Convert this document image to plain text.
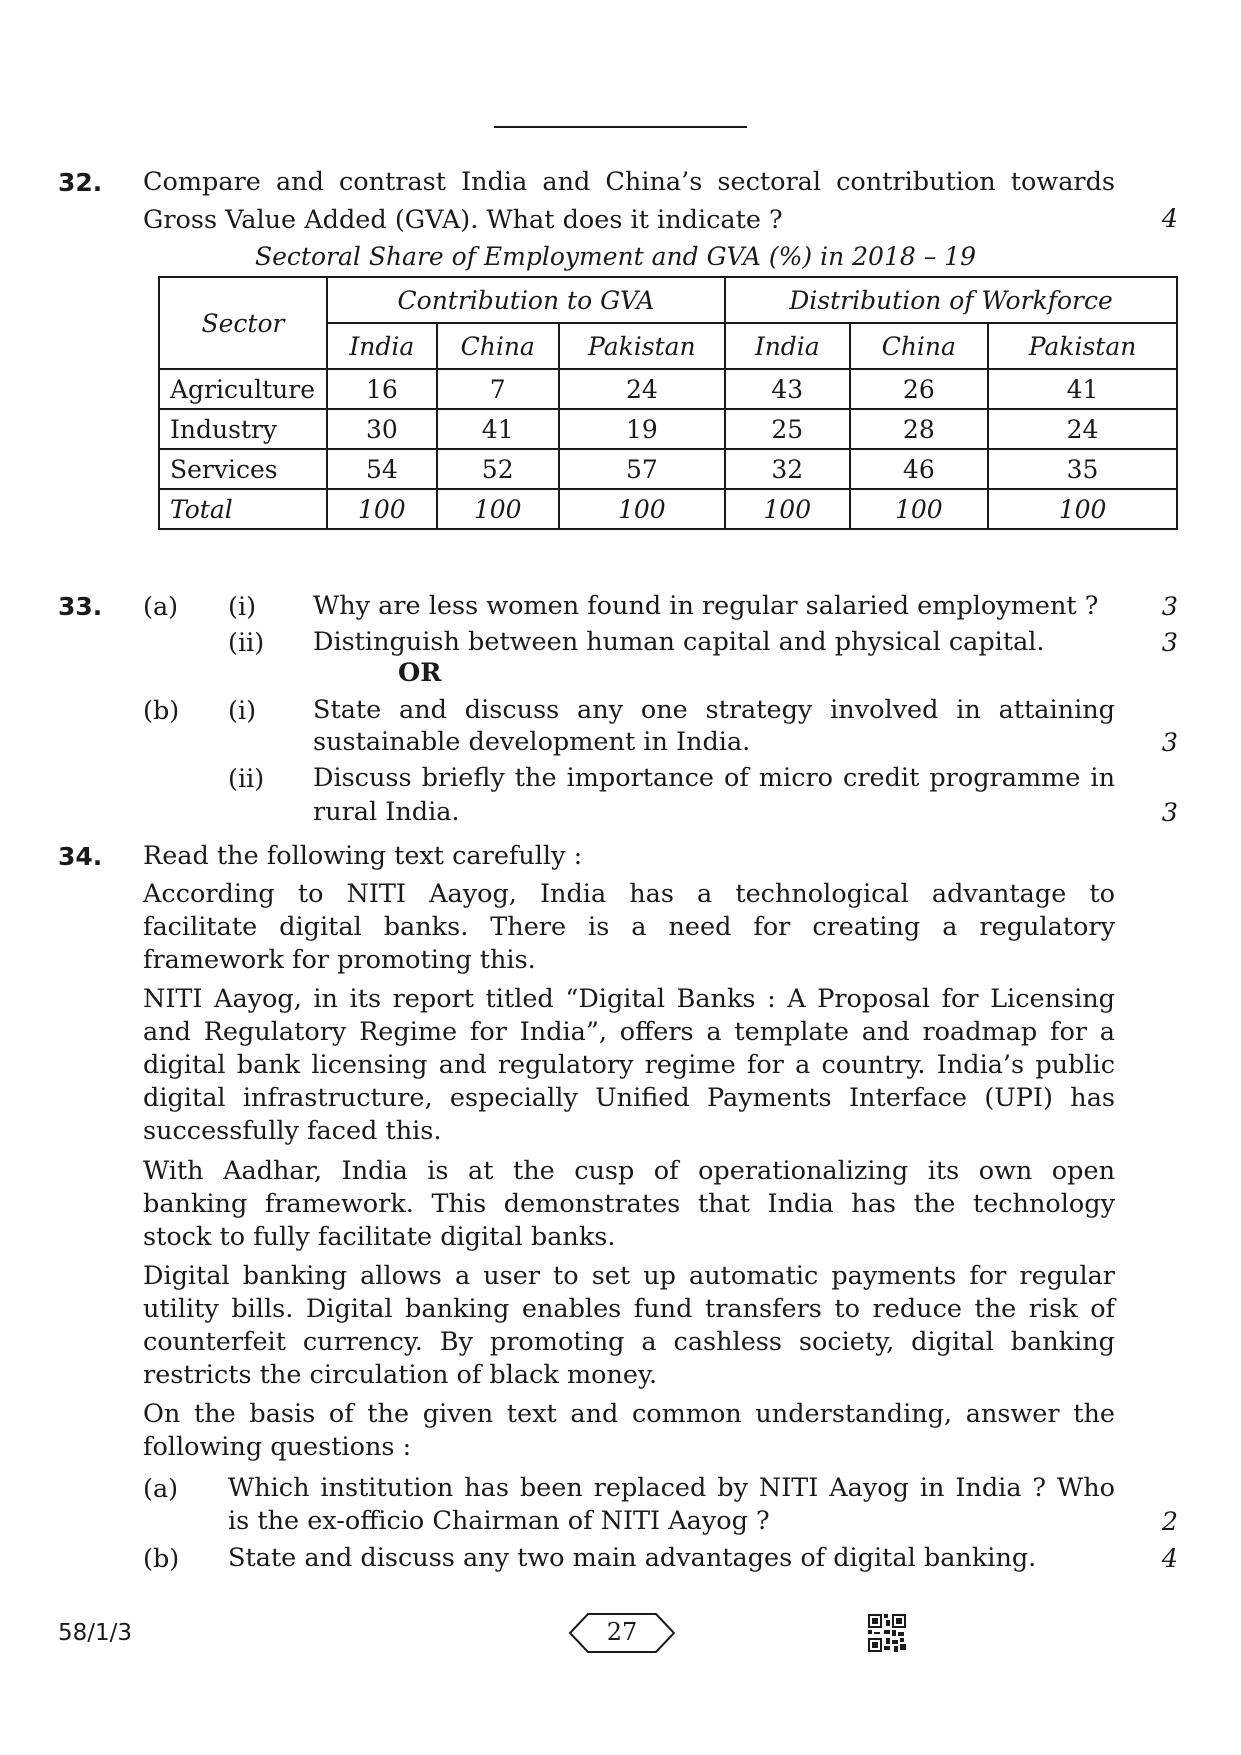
32. Compare and contrast India and China’s sectoral contribution towards
Gross Value Added (GVA). What does it indicate ?	4
Sectoral Share of Employment and GVA (%) in 2018 – 19
Sector	Contribution to GVA			Distribution of Workforce		
	India	China	Pakistan	India	China	Pakistan
Agriculture	16	7	24	43	26	41
Industry	30	41	19	25	28	24
Services	54	52	57	32	46	35
Total	100	100	100	100	100	100
33. (a) (i) Why are less women found in regular salaried employment ?	3
(ii) Distinguish between human capital and physical capital.	3
OR
(b) (i) State and discuss any one strategy involved in attaining
sustainable development in India.	3
(ii) Discuss briefly the importance of micro credit programme in
rural India.	3
34. Read the following text carefully :
According to NITI Aayog, India has a technological advantage to
facilitate digital banks. There is a need for creating a regulatory
framework for promoting this.
NITI Aayog, in its report titled “Digital Banks : A Proposal for Licensing
and Regulatory Regime for India”, offers a template and roadmap for a
digital bank licensing and regulatory regime for a country. India’s public
digital infrastructure, especially Unified Payments Interface (UPI) has
successfully faced this.
With Aadhar, India is at the cusp of operationalizing its own open
banking framework. This demonstrates that India has the technology
stock to fully facilitate digital banks.
Digital banking allows a user to set up automatic payments for regular
utility bills. Digital banking enables fund transfers to reduce the risk of
counterfeit currency. By promoting a cashless society, digital banking
restricts the circulation of black money.
On the basis of the given text and common understanding, answer the
following questions :
(a) Which institution has been replaced by NITI Aayog in India ? Who
is the ex-officio Chairman of NITI Aayog ?	2
(b) State and discuss any two main advantages of digital banking.	4
58/1/3	27
